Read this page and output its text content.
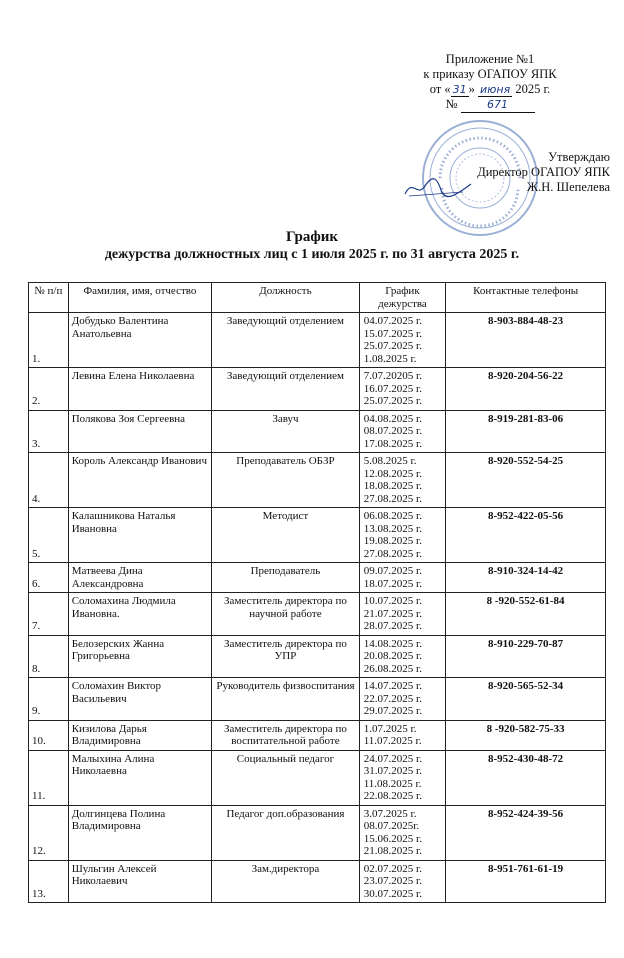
Приложение №1
к приказу ОГАПОУ ЯПК
от « 31 » июня 2025 г.
№	671
Утверждаю
Директор ОГАПОУ ЯПК
Ж.Н. Шепелева
График
дежурства должностных лиц с 1 июля 2025 г. по 31 августа 2025 г.
№ п/п	Фамилия, имя, отчество	Должность	График дежурства	Контактные телефоны
1.	Добудько Валентина Анатольевна	Заведующий отделением	04.07.2025 г.
15.07.2025 г.
25.07.2025 г.
1.08.2025 г.	8-903-884-48-23
2.	Левина Елена Николаевна	Заведующий отделением	7.07.20205 г.
16.07.2025 г.
25.07.2025 г.	8-920-204-56-22
3.	Полякова Зоя Сергеевна	Завуч	04.08.2025 г.
08.07.2025 г.
17.08.2025 г.	8-919-281-83-06
4.	Король Александр Иванович	Преподаватель ОБЗР	5.08.2025 г.
12.08.2025 г.
18.08.2025 г.
27.08.2025 г.	8-920-552-54-25
5.	Калашникова Наталья Ивановна	Методист	06.08.2025 г.
13.08.2025 г.
19.08.2025 г.
27.08.2025 г.	8-952-422-05-56
6.	Матвеева Дина Александровна	Преподаватель	09.07.2025 г.
18.07.2025 г.	8-910-324-14-42
7.	Соломахина Людмила Ивановна.	Заместитель директора по научной работе	10.07.2025 г.
21.07.2025 г.
28.07.2025 г.	8 -920-552-61-84
8.	Белозерских Жанна Григорьевна	Заместитель директора по УПР	14.08.2025 г.
20.08.2025 г.
26.08.2025 г.	8-910-229-70-87
9.	Соломахин Виктор Васильевич	Руководитель физвоспитания	14.07.2025 г.
22.07.2025 г.
29.07.2025 г.	8-920-565-52-34
10.	Кизилова Дарья Владимировна	Заместитель директора по воспитательной работе	1.07.2025 г.
11.07.2025 г.	8 -920-582-75-33
11.	Малыхина Алина Николаевна	Социальный педагог	24.07.2025 г.
31.07.2025 г.
11.08.2025 г.
22.08.2025 г.	8-952-430-48-72
12.	Долгинцева Полина Владимировна	Педагог доп.образования	3.07.2025 г.
08.07.2025г.
15.06.2025 г.
21.08.2025 г.	8-952-424-39-56
13.	Шульгин Алексей Николаевич	Зам.директора	02.07.2025 г.
23.07.2025 г.
30.07.2025 г.	8-951-761-61-19
